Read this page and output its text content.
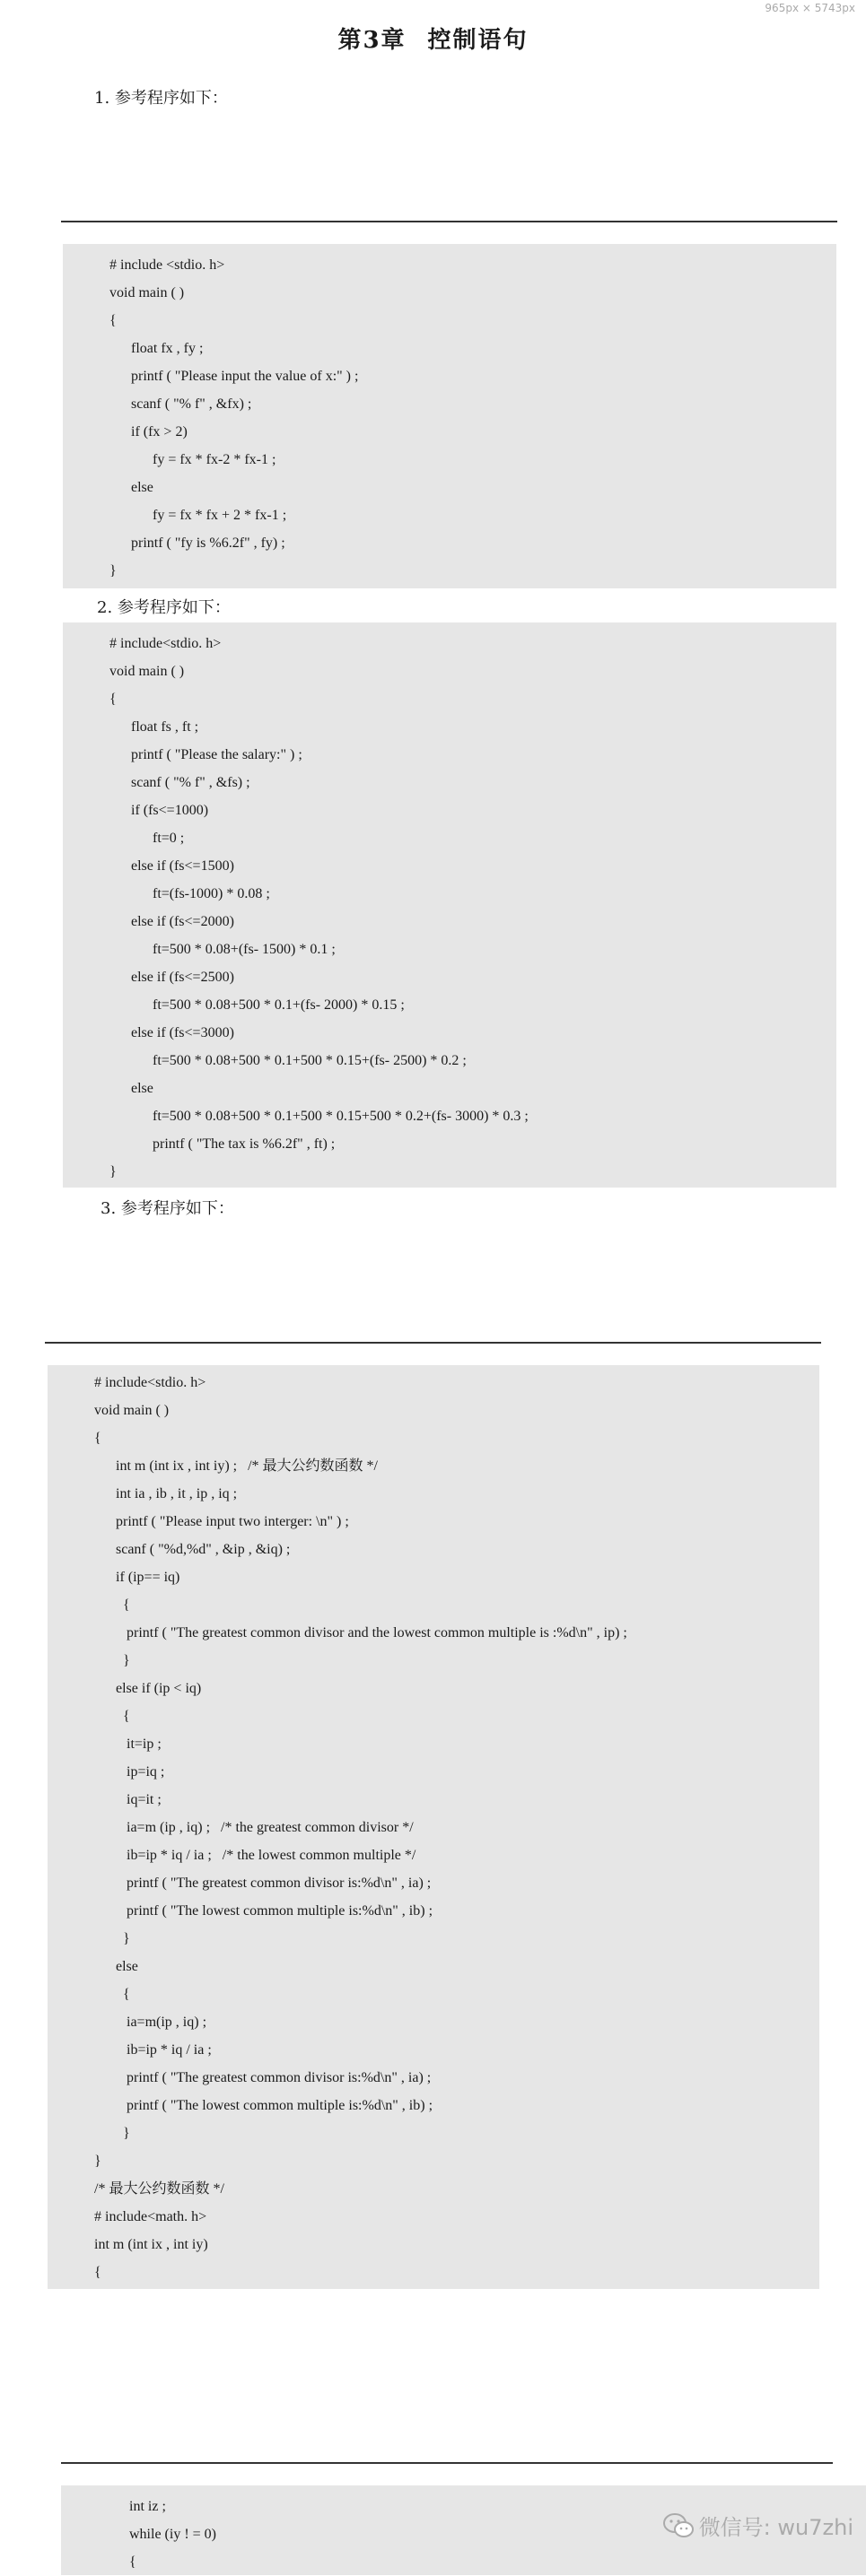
965px × 5743px
第3章 控制语句
1. 参考程序如下：
# include <stdio. h>
void main ( )
{
float fx , fy ;
printf ( "Please input the value of x:" ) ;
scanf ( "% f" , &fx) ;
if (fx > 2)
fy = fx * fx-2 * fx-1 ;
else
fy = fx * fx + 2 * fx-1 ;
printf ( "fy is %6.2f" , fy) ;
}
2. 参考程序如下：
# include<stdio. h>
void main ( )
{
float fs , ft ;
printf ( "Please the salary:" ) ;
scanf ( "% f" , &fs) ;
if (fs<=1000)
ft=0 ;
else if (fs<=1500)
ft=(fs-1000) * 0.08 ;
else if (fs<=2000)
ft=500 * 0.08+(fs- 1500) * 0.1 ;
else if (fs<=2500)
ft=500 * 0.08+500 * 0.1+(fs- 2000) * 0.15 ;
else if (fs<=3000)
ft=500 * 0.08+500 * 0.1+500 * 0.15+(fs- 2500) * 0.2 ;
else
ft=500 * 0.08+500 * 0.1+500 * 0.15+500 * 0.2+(fs- 3000) * 0.3 ;
printf ( "The tax is %6.2f" , ft) ;
}
3. 参考程序如下：
# include<stdio. h>
void main ( )
{
int m (int ix , int iy) ;   /* 最大公约数函数 */
int ia , ib , it , ip , iq ;
printf ( "Please input two interger: \n" ) ;
scanf ( "%d,%d" , &ip , &iq) ;
if (ip== iq)
{
printf ( "The greatest common divisor and the lowest common multiple is :%d\n" , ip) ;
}
else if (ip < iq)
{
it=ip ;
ip=iq ;
iq=it ;
ia=m (ip , iq) ;   /* the greatest common divisor */
ib=ip * iq / ia ;   /* the lowest common multiple */
printf ( "The greatest common divisor is:%d\n" , ia) ;
printf ( "The lowest common multiple is:%d\n" , ib) ;
}
else
{
ia=m(ip , iq) ;
ib=ip * iq / ia ;
printf ( "The greatest common divisor is:%d\n" , ia) ;
printf ( "The lowest common multiple is:%d\n" , ib) ;
}
}
/* 最大公约数函数 */
# include<math. h>
int m (int ix , int iy)
{
int iz ;
while (iy ! = 0)
{
微信号: wu7zhi
